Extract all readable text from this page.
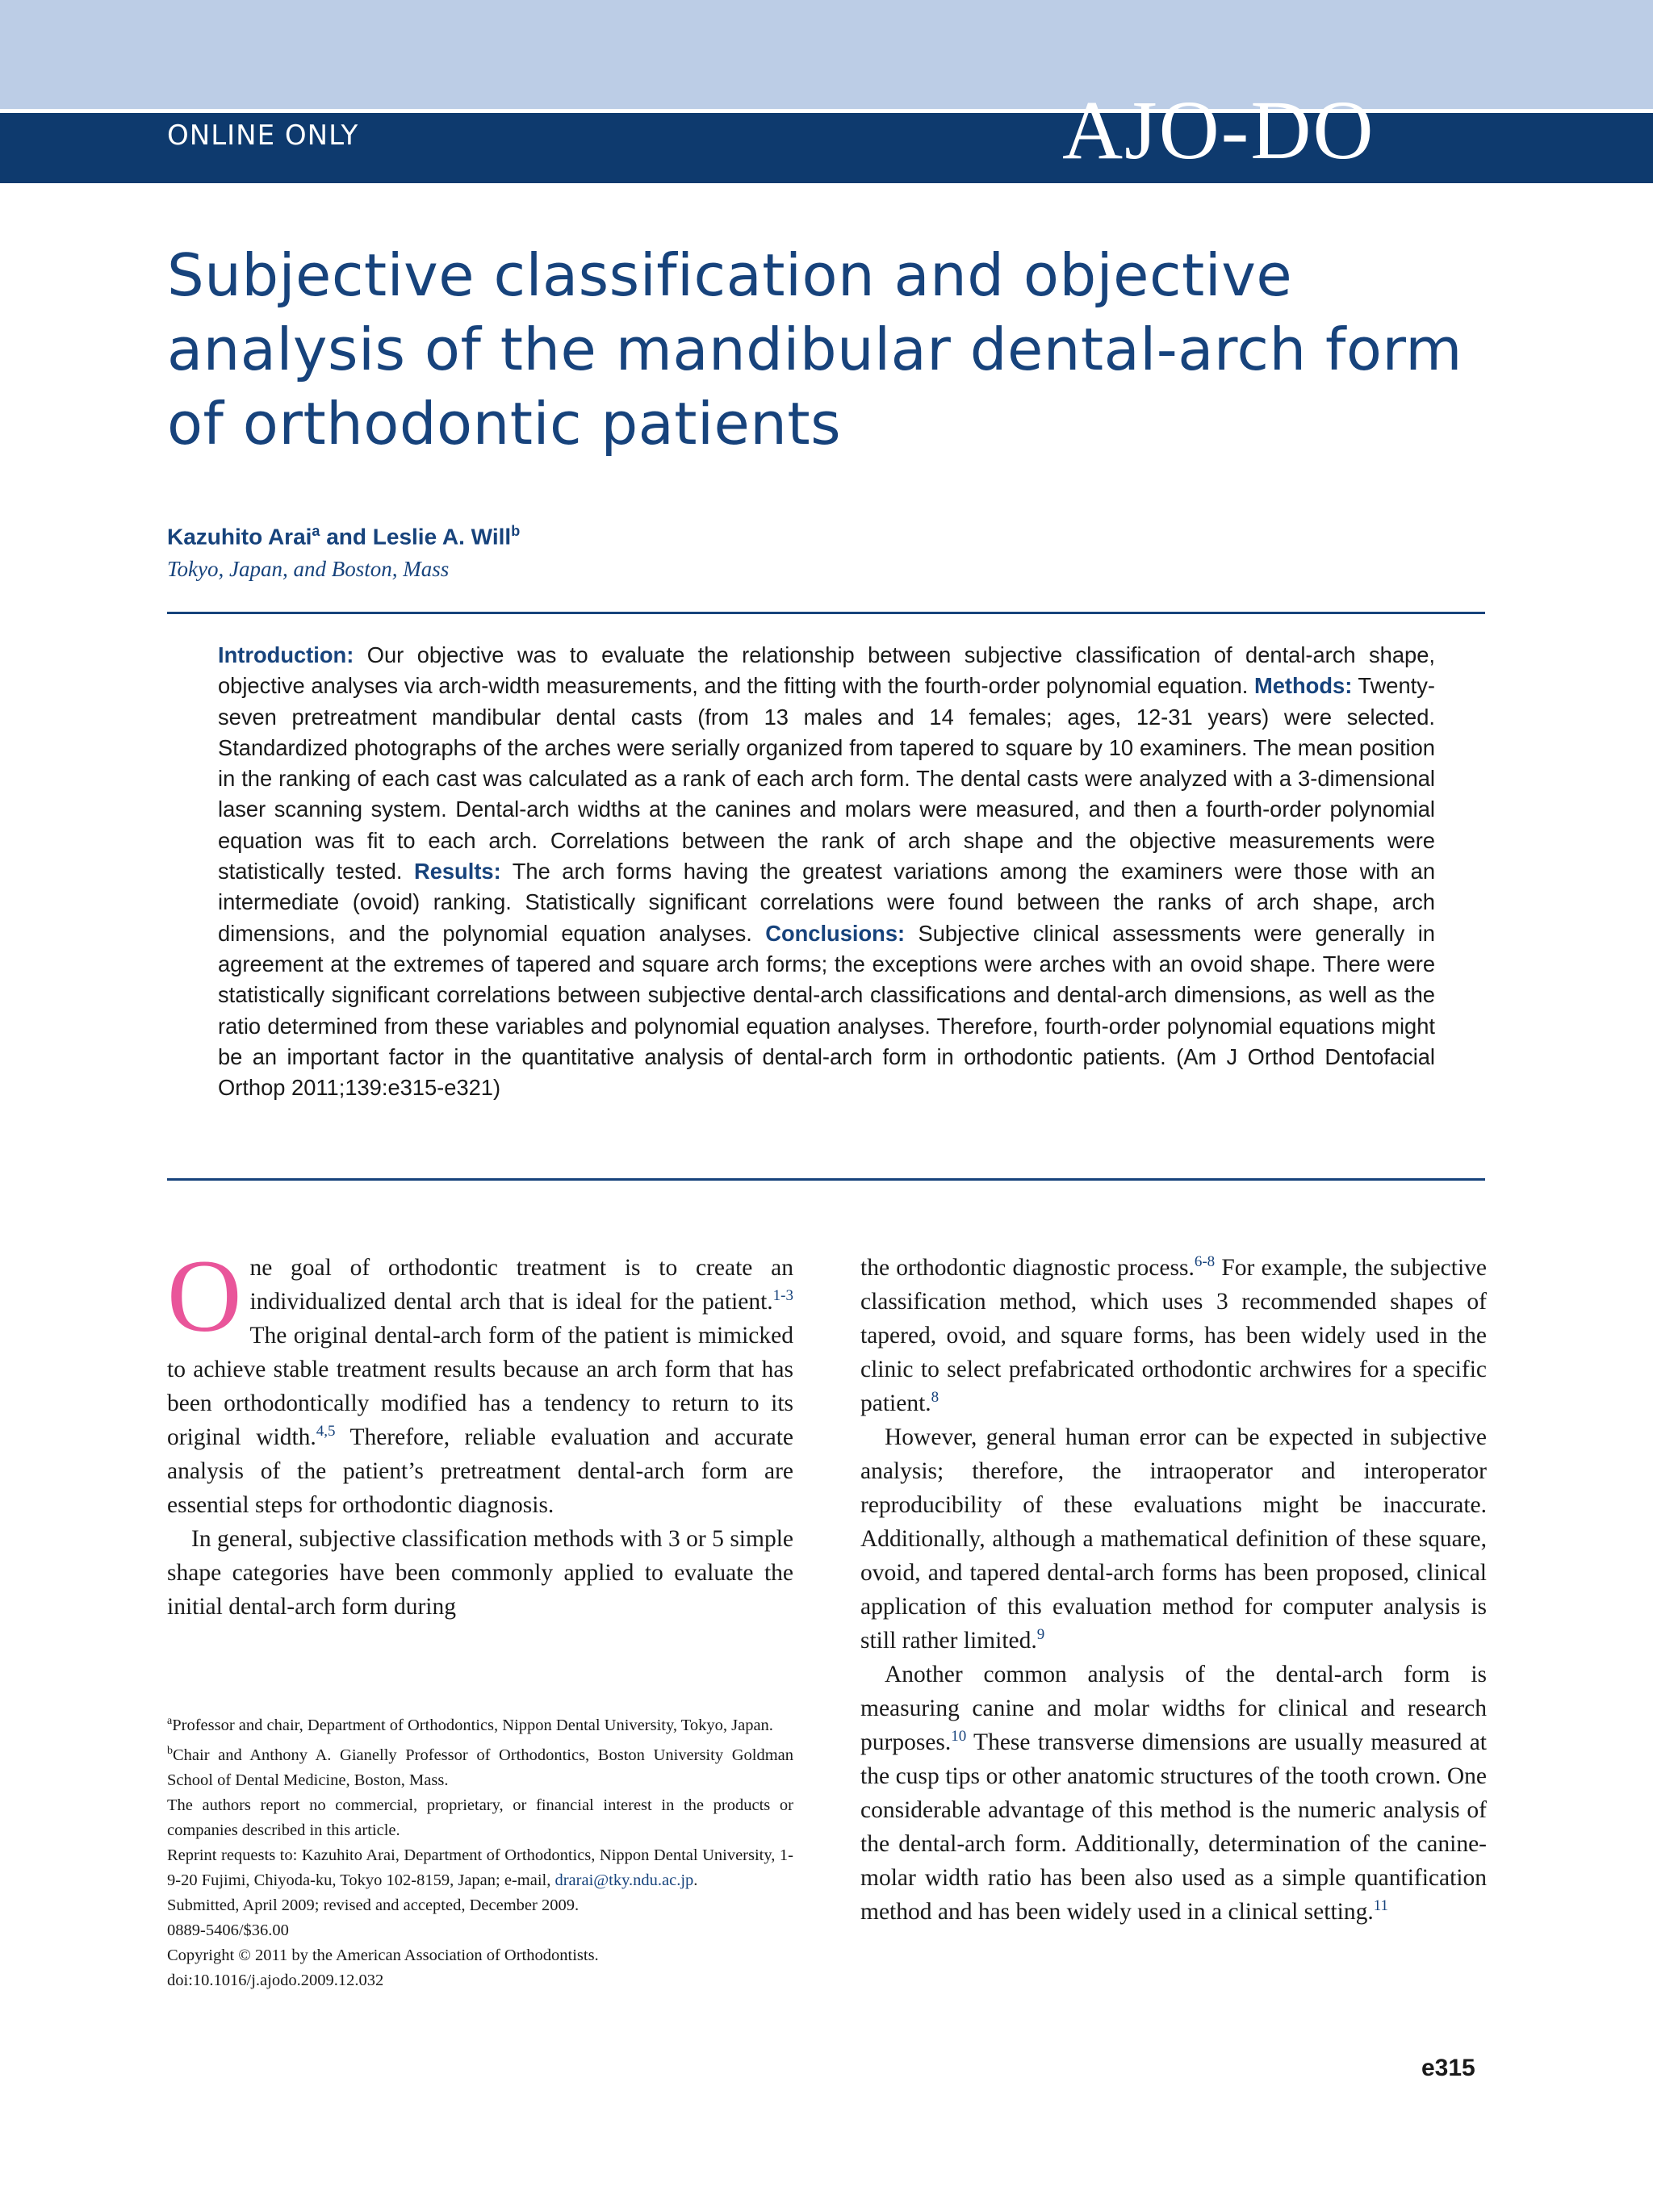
ONLINE ONLY	AJO-DO
Subjective classification and objective analysis of the mandibular dental-arch form of orthodontic patients
Kazuhito Arai$^a$ and Leslie A. Will$^b$
Tokyo, Japan, and Boston, Mass

Introduction: Our objective was to evaluate the relationship between subjective classification of dental-arch shape, objective analyses via arch-width measurements, and the fitting with the fourth-order polynomial equation. Methods: Twenty-seven pretreatment mandibular dental casts (from 13 males and 14 females; ages, 12-31 years) were selected. Standardized photographs of the arches were serially organized from tapered to square by 10 examiners. The mean position in the ranking of each cast was calculated as a rank of each arch form. The dental casts were analyzed with a 3-dimensional laser scanning system. Dental-arch widths at the canines and molars were measured, and then a fourth-order polynomial equation was fit to each arch. Correlations between the rank of arch shape and the objective measurements were statistically tested. Results: The arch forms having the greatest variations among the examiners were those with an intermediate (ovoid) ranking. Statistically significant correlations were found between the ranks of arch shape, arch dimensions, and the polynomial equation analyses. Conclusions: Subjective clinical assessments were generally in agreement at the extremes of tapered and square arch forms; the exceptions were arches with an ovoid shape. There were statistically significant correlations between subjective dental-arch classifications and dental-arch dimensions, as well as the ratio determined from these variables and polynomial equation analyses. Therefore, fourth-order polynomial equations might be an important factor in the quantitative analysis of dental-arch form in orthodontic patients. (Am J Orthod Dentofacial Orthop 2011;139:e315-e321)

One goal of orthodontic treatment is to create an individualized dental arch that is ideal for the patient.$^{1-3}$ The original dental-arch form of the patient is mimicked to achieve stable treatment results because an arch form that has been orthodontically modified has a tendency to return to its original width.$^{4,5}$ Therefore, reliable evaluation and accurate analysis of the patient’s pretreatment dental-arch form are essential steps for orthodontic diagnosis.

In general, subjective classification methods with 3 or 5 simple shape categories have been commonly applied to evaluate the initial dental-arch form during

$^a$Professor and chair, Department of Orthodontics, Nippon Dental University, Tokyo, Japan.

$^b$Chair and Anthony A. Gianelly Professor of Orthodontics, Boston University Goldman School of Dental Medicine, Boston, Mass.

The authors report no commercial, proprietary, or financial interest in the products or companies described in this article.

Reprint requests to: Kazuhito Arai, Department of Orthodontics, Nippon Dental University, 1-9-20 Fujimi, Chiyoda-ku, Tokyo 102-8159, Japan; e-mail, drarai@tky.ndu.ac.jp.

Submitted, April 2009; revised and accepted, December 2009.

0889-5406/$36.00

Copyright © 2011 by the American Association of Orthodontists.

doi:10.1016/j.ajodo.2009.12.032

the orthodontic diagnostic process.$^{6-8}$ For example, the subjective classification method, which uses 3 recommended shapes of tapered, ovoid, and square forms, has been widely used in the clinic to select prefabricated orthodontic archwires for a specific patient.$^8$

However, general human error can be expected in subjective analysis; therefore, the intraoperator and interoperator reproducibility of these evaluations might be inaccurate. Additionally, although a mathematical definition of these square, ovoid, and tapered dental-arch forms has been proposed, clinical application of this evaluation method for computer analysis is still rather limited.$^9$

Another common analysis of the dental-arch form is measuring canine and molar widths for clinical and research purposes.$^{10}$ These transverse dimensions are usually measured at the cusp tips or other anatomic structures of the tooth crown. One considerable advantage of this method is the numeric analysis of the dental-arch form. Additionally, determination of the canine-molar width ratio has been also used as a simple quantification method and has been widely used in a clinical setting.$^{11}$

e315
